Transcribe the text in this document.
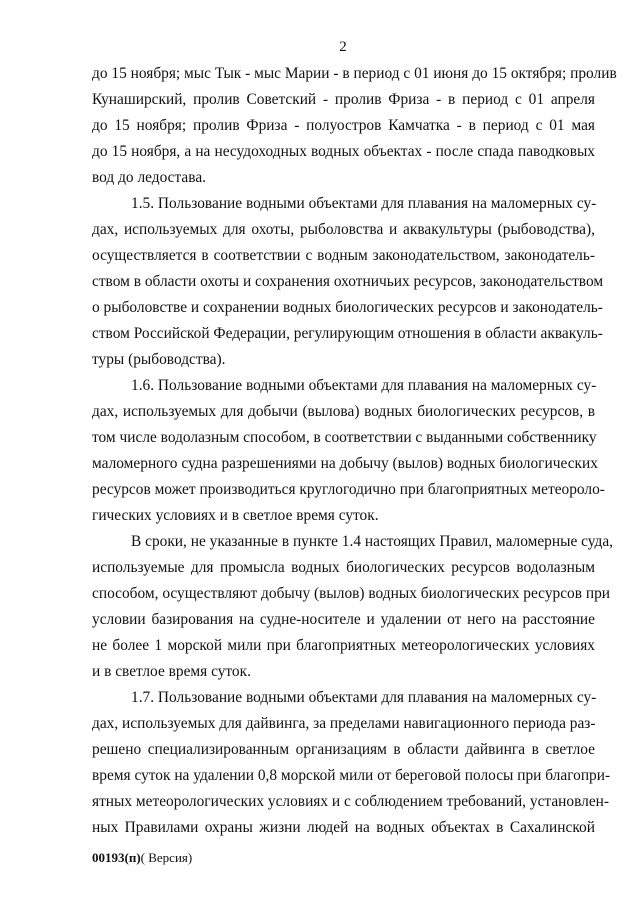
2
до 15 ноября; мыс Тык - мыс Марии - в период с 01 июня до 15 октября; пролив
Кунаширский, пролив Советский - пролив Фриза - в период с 01 апреля
до 15 ноября; пролив Фриза - полуостров Камчатка - в период с 01 мая
до 15 ноября, а на несудоходных водных объектах - после спада паводковых
вод до ледостава.
1.5. Пользование водными объектами для плавания на маломерных су-
дах, используемых для охоты, рыболовства и аквакультуры (рыбоводства),
осуществляется в соответствии с водным законодательством, законодатель-
ством в области охоты и сохранения охотничьих ресурсов, законодательством
о рыболовстве и сохранении водных биологических ресурсов и законодатель-
ством Российской Федерации, регулирующим отношения в области аквакуль-
туры (рыбоводства).
1.6. Пользование водными объектами для плавания на маломерных су-
дах, используемых для добычи (вылова) водных биологических ресурсов, в
том числе водолазным способом, в соответствии с выданными собственнику
маломерного судна разрешениями на добычу (вылов) водных биологических
ресурсов может производиться круглогодично при благоприятных метеороло-
гических условиях и в светлое время суток.
В сроки, не указанные в пункте 1.4 настоящих Правил, маломерные суда,
используемые для промысла водных биологических ресурсов водолазным
способом, осуществляют добычу (вылов) водных биологических ресурсов при
условии базирования на судне-носителе и удалении от него на расстояние
не более 1 морской мили при благоприятных метеорологических условиях
и в светлое время суток.
1.7. Пользование водными объектами для плавания на маломерных су-
дах, используемых для дайвинга, за пределами навигационного периода раз-
решено специализированным организациям в области дайвинга в светлое
время суток на удалении 0,8 морской мили от береговой полосы при благопри-
ятных метеорологических условиях и с соблюдением требований, установлен-
ных Правилами охраны жизни людей на водных объектах в Сахалинской
00193(п)( Версия)
